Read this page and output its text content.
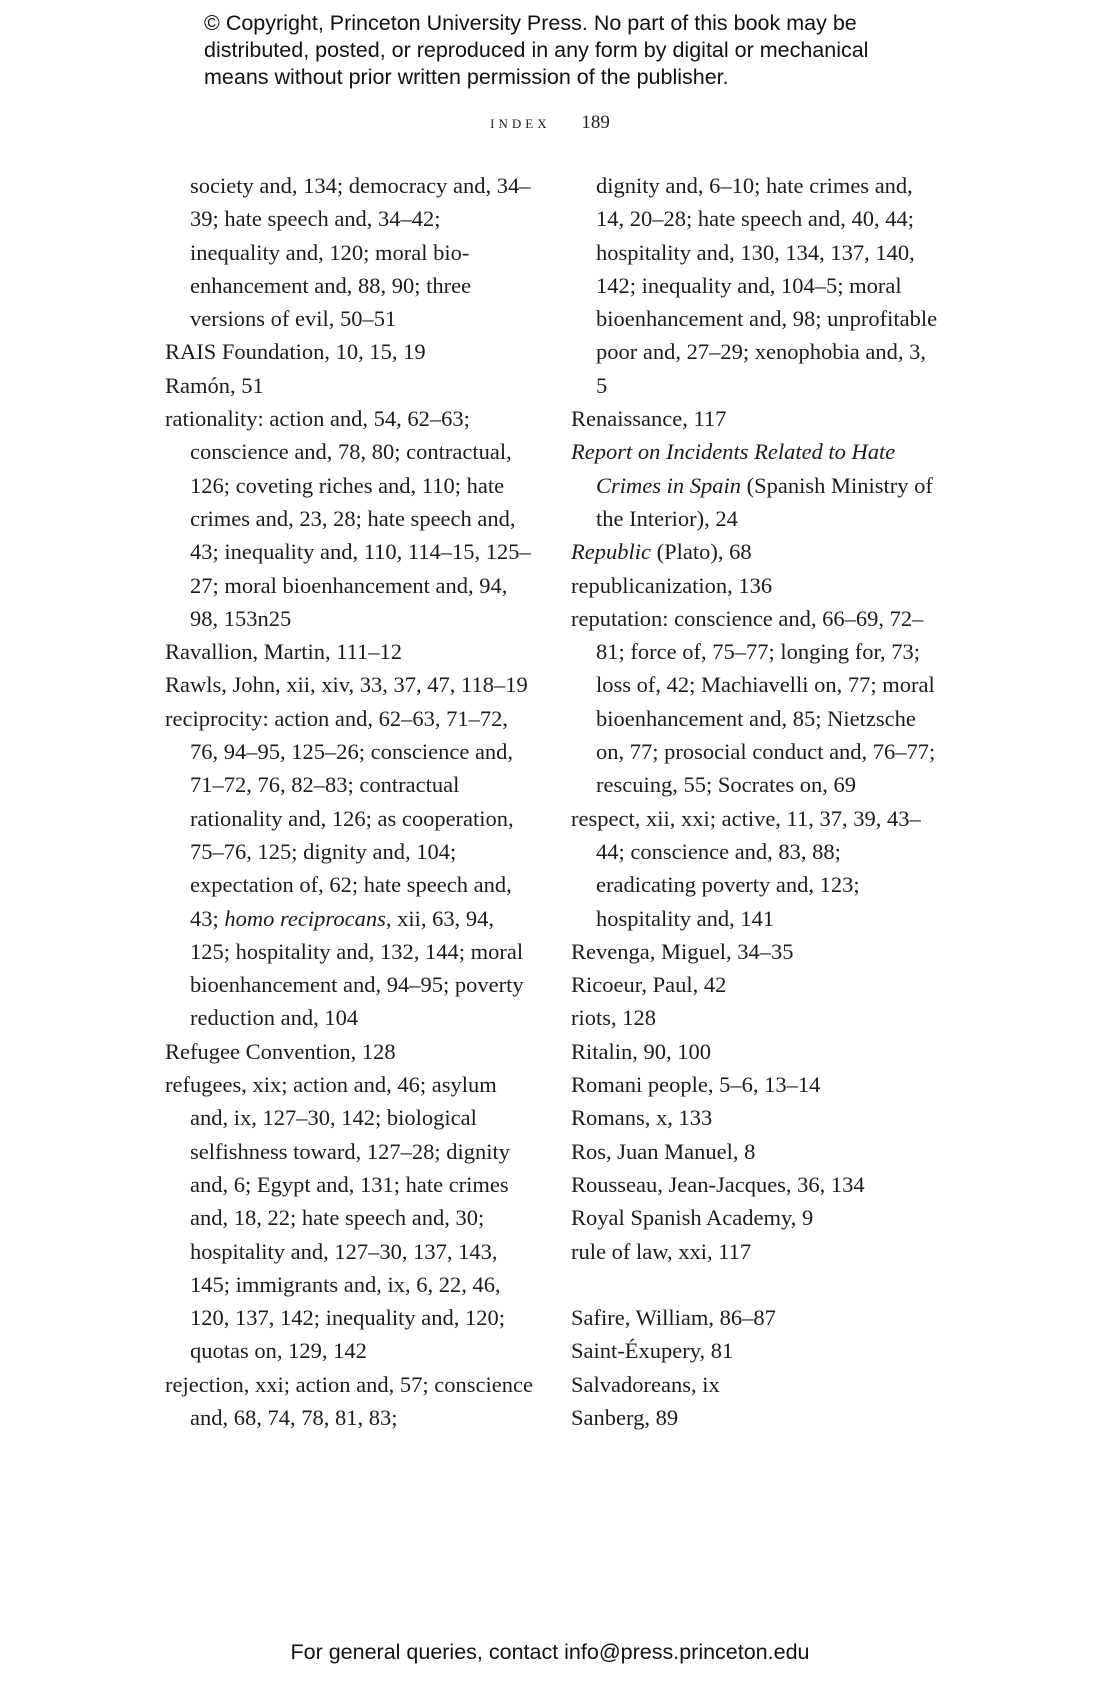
© Copyright, Princeton University Press. No part of this book may be
distributed, posted, or reproduced in any form by digital or mechanical
means without prior written permission of the publisher.
index 189

society and, 134; democracy and, 34–39; hate speech and, 34–42; inequality and, 120; moral bio-enhancement and, 88, 90; three versions of evil, 50–51

RAIS Foundation, 10, 15, 19

Ramón, 51

rationality: action and, 54, 62–63; conscience and, 78, 80; contractual, 126; coveting riches and, 110; hate crimes and, 23, 28; hate speech and, 43; inequality and, 110, 114–15, 125–27; moral bioenhancement and, 94, 98, 153n25

Ravallion, Martin, 111–12

Rawls, John, xii, xiv, 33, 37, 47, 118–19

reciprocity: action and, 62–63, 71–72, 76, 94–95, 125–26; conscience and, 71–72, 76, 82–83; contractual rationality and, 126; as cooperation, 75–76, 125; dignity and, 104; expectation of, 62; hate speech and, 43; homo reciprocans, xii, 63, 94, 125; hospitality and, 132, 144; moral bioenhancement and, 94–95; poverty reduction and, 104

Refugee Convention, 128

refugees, xix; action and, 46; asylum and, ix, 127–30, 142; biological selfishness toward, 127–28; dignity and, 6; Egypt and, 131; hate crimes and, 18, 22; hate speech and, 30; hospitality and, 127–30, 137, 143, 145; immigrants and, ix, 6, 22, 46, 120, 137, 142; inequality and, 120; quotas on, 129, 142

rejection, xxi; action and, 57; conscience and, 68, 74, 78, 81, 83;

dignity and, 6–10; hate crimes and, 14, 20–28; hate speech and, 40, 44; hospitality and, 130, 134, 137, 140, 142; inequality and, 104–5; moral bioenhancement and, 98; unprofitable poor and, 27–29; xenophobia and, 3, 5

Renaissance, 117

Report on Incidents Related to Hate Crimes in Spain (Spanish Ministry of the Interior), 24

Republic (Plato), 68

republicanization, 136

reputation: conscience and, 66–69, 72–81; force of, 75–77; longing for, 73; loss of, 42; Machiavelli on, 77; moral bioenhancement and, 85; Nietzsche on, 77; prosocial conduct and, 76–77; rescuing, 55; Socrates on, 69

respect, xii, xxi; active, 11, 37, 39, 43–44; conscience and, 83, 88; eradicating poverty and, 123; hospitality and, 141

Revenga, Miguel, 34–35

Ricoeur, Paul, 42

riots, 128

Ritalin, 90, 100

Romani people, 5–6, 13–14

Romans, x, 133

Ros, Juan Manuel, 8

Rousseau, Jean-Jacques, 36, 134

Royal Spanish Academy, 9

rule of law, xxi, 117

Safire, William, 86–87

Saint-Éxupery, 81

Salvadoreans, ix

Sanberg, 89

For general queries, contact info@press.princeton.edu
